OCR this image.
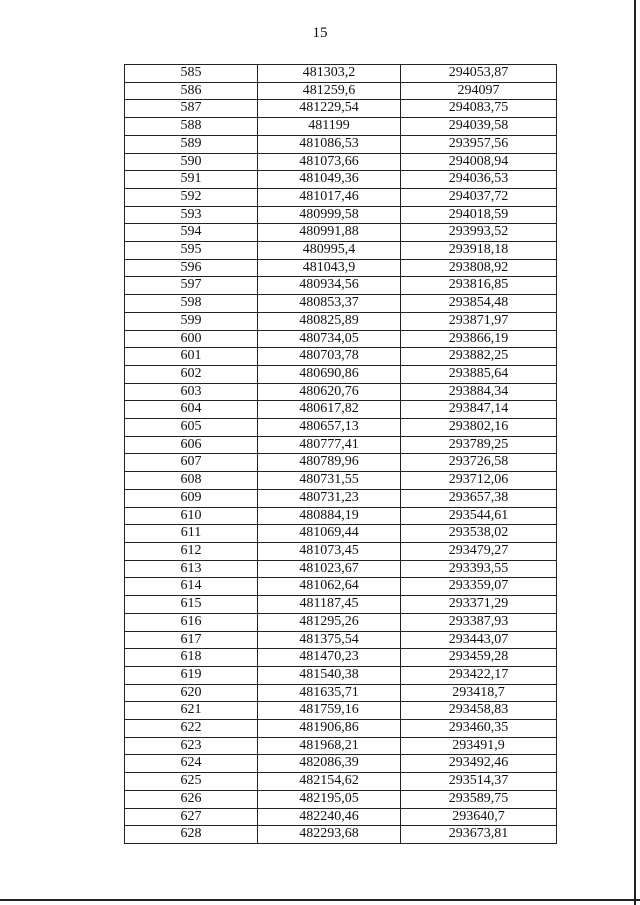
15
585	481303,2	294053,87
586	481259,6	294097
587	481229,54	294083,75
588	481199	294039,58
589	481086,53	293957,56
590	481073,66	294008,94
591	481049,36	294036,53
592	481017,46	294037,72
593	480999,58	294018,59
594	480991,88	293993,52
595	480995,4	293918,18
596	481043,9	293808,92
597	480934,56	293816,85
598	480853,37	293854,48
599	480825,89	293871,97
600	480734,05	293866,19
601	480703,78	293882,25
602	480690,86	293885,64
603	480620,76	293884,34
604	480617,82	293847,14
605	480657,13	293802,16
606	480777,41	293789,25
607	480789,96	293726,58
608	480731,55	293712,06
609	480731,23	293657,38
610	480884,19	293544,61
611	481069,44	293538,02
612	481073,45	293479,27
613	481023,67	293393,55
614	481062,64	293359,07
615	481187,45	293371,29
616	481295,26	293387,93
617	481375,54	293443,07
618	481470,23	293459,28
619	481540,38	293422,17
620	481635,71	293418,7
621	481759,16	293458,83
622	481906,86	293460,35
623	481968,21	293491,9
624	482086,39	293492,46
625	482154,62	293514,37
626	482195,05	293589,75
627	482240,46	293640,7
628	482293,68	293673,81
